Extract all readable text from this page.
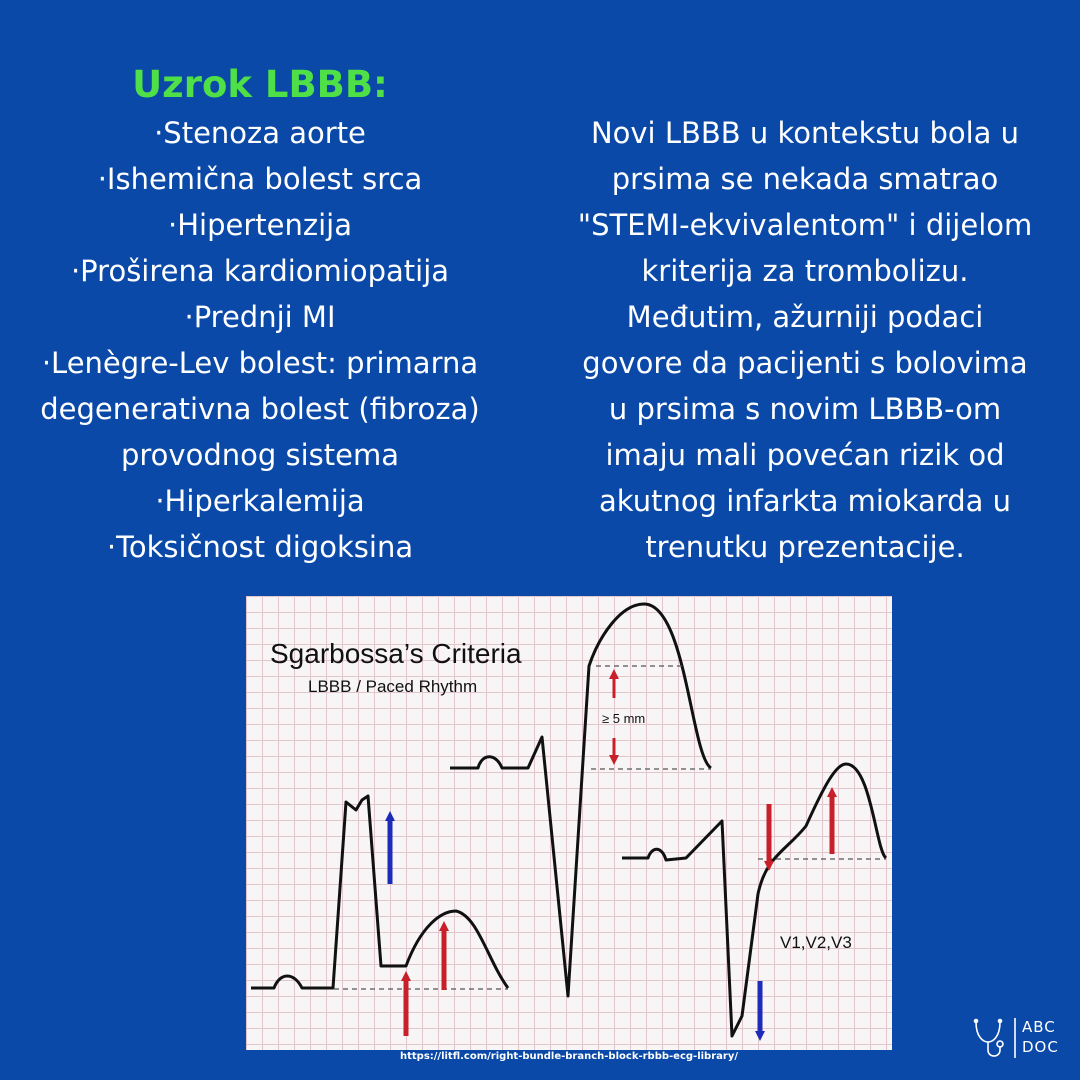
Uzrok LBBB:
·Stenoza aorte
·Ishemična bolest srca
·Hipertenzija
·Proširena kardiomiopatija
·Prednji MI
·Lenègre-Lev bolest: primarna
degenerativna bolest (fibroza)
provodnog sistema
·Hiperkalemija
·Toksičnost digoksina
Novi LBBB u kontekstu bola u
prsima se nekada smatrao
"STEMI-ekvivalentom" i dijelom
kriterija za trombolizu.
Međutim, ažurniji podaci
govore da pacijenti s bolovima
u prsima s novim LBBB-om
imaju mali povećan rizik od
akutnog infarkta miokarda u
trenutku prezentacije.
Sgarbossa’s Criteria
LBBB / Paced Rhythm
≥ 5 mm
V1,V2,V3
https://litfl.com/right-bundle-branch-block-rbbb-ecg-library/
ABC
DOC
